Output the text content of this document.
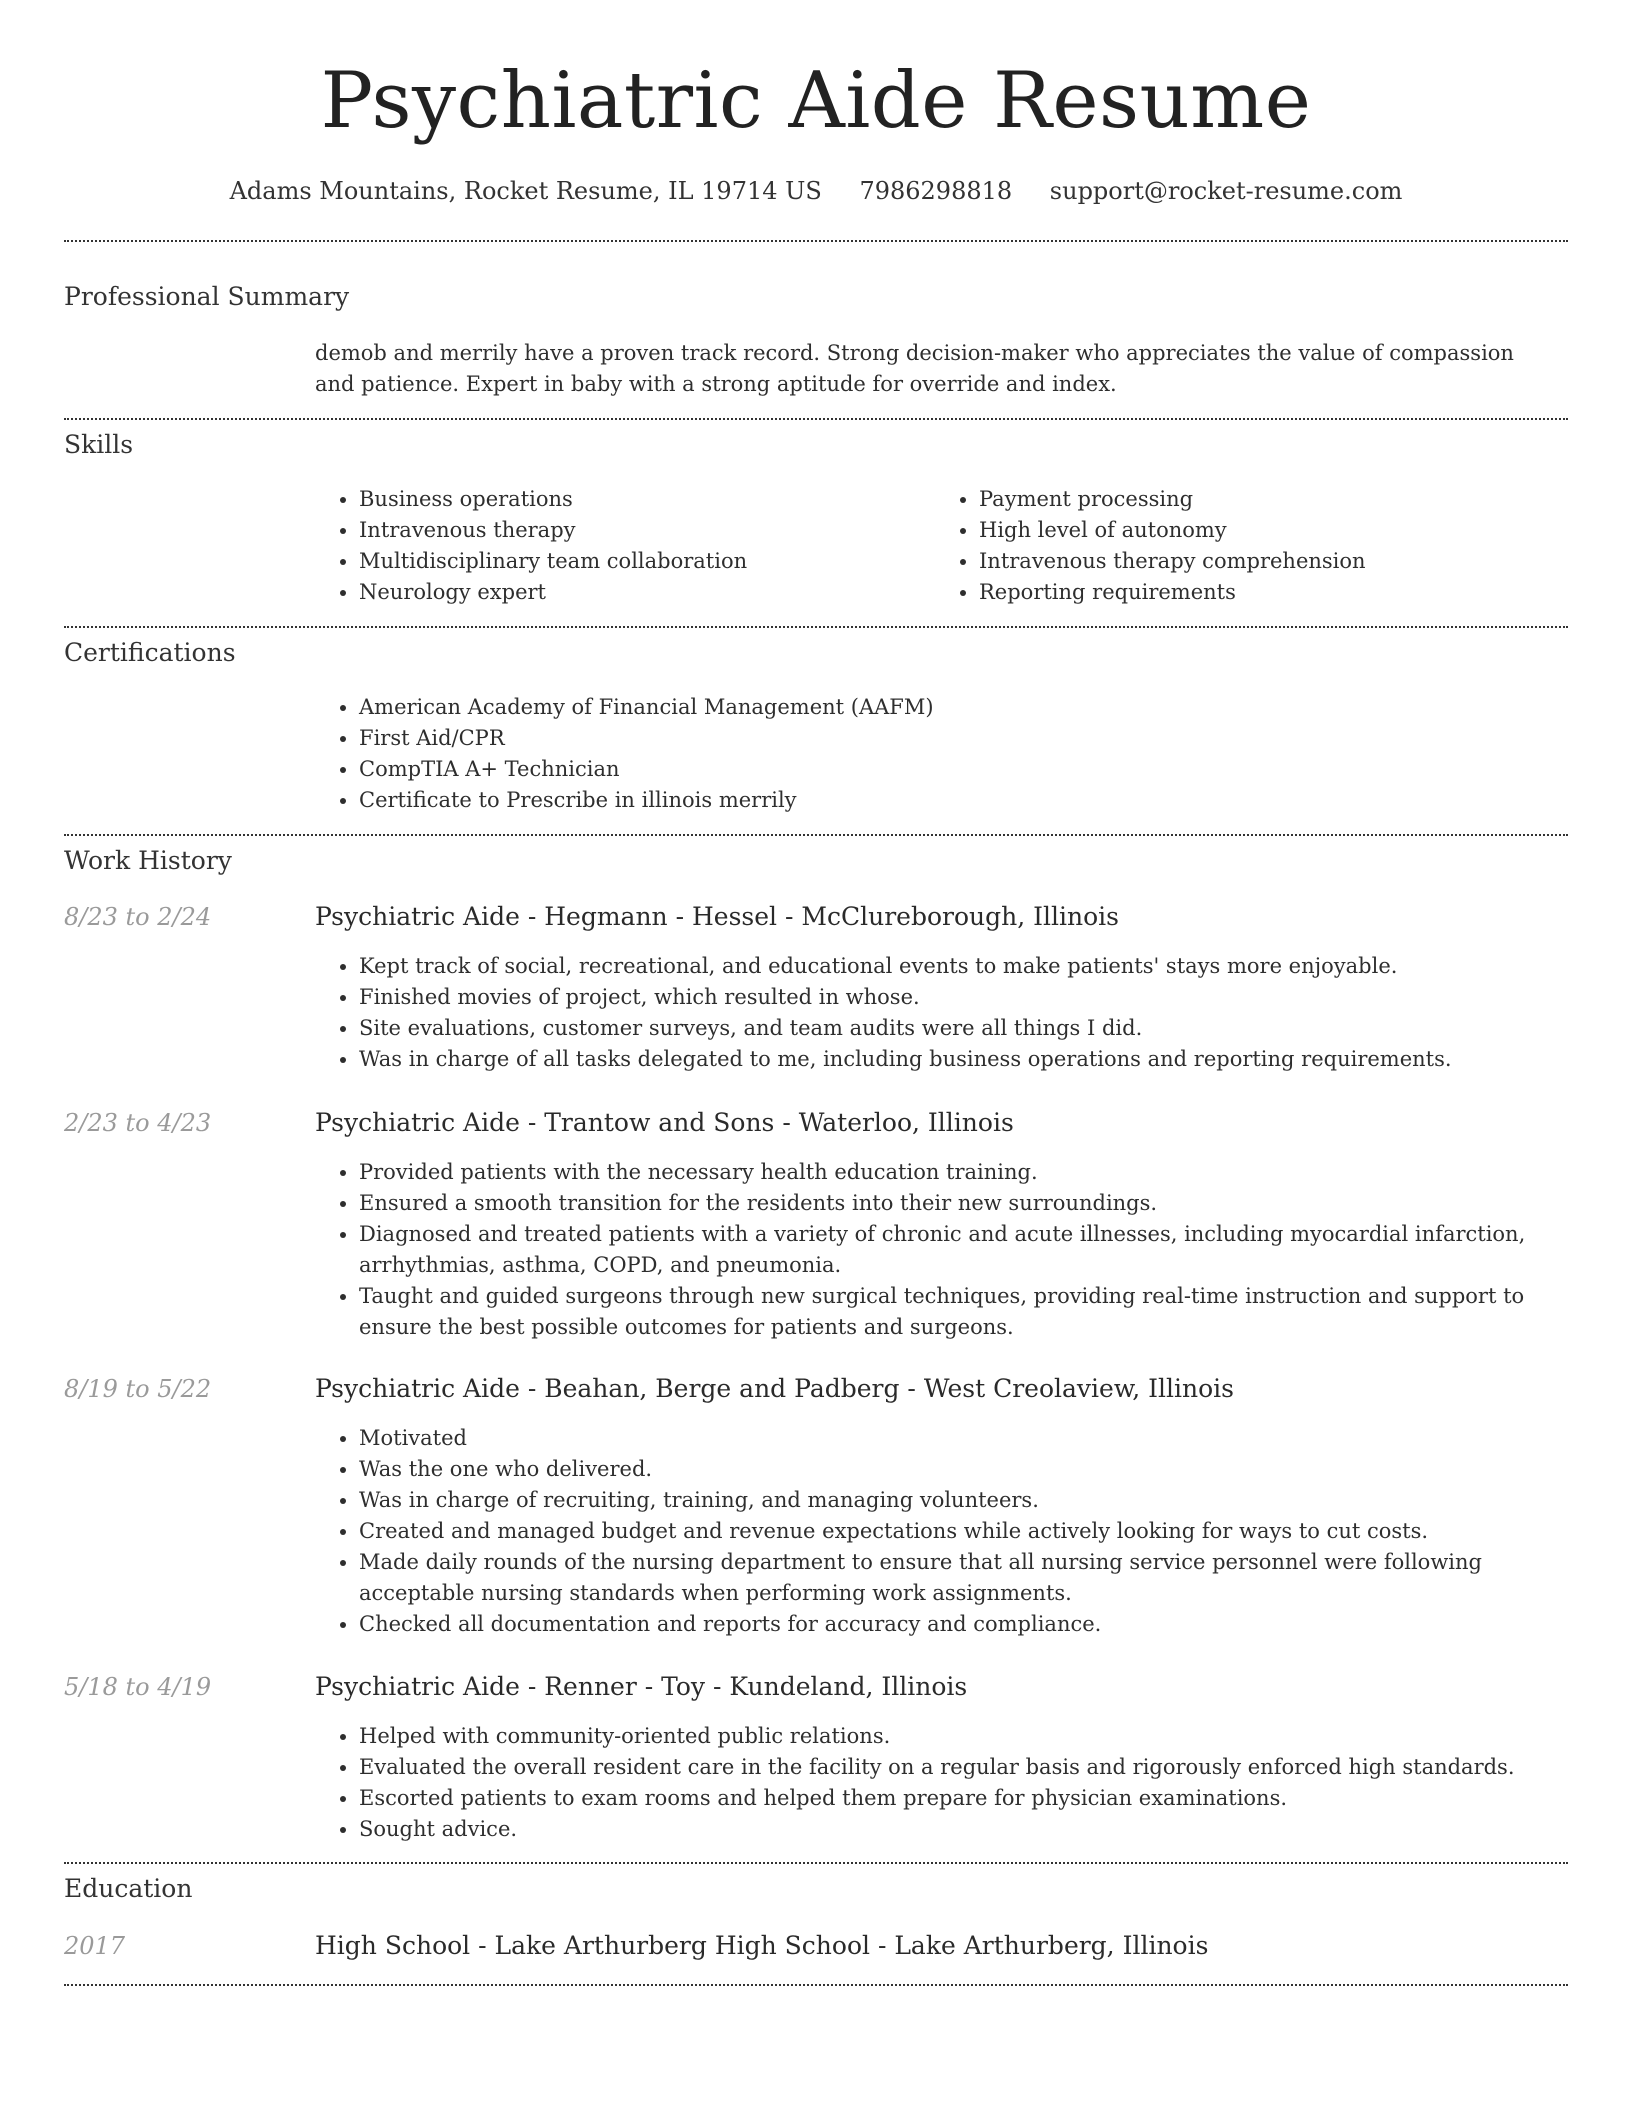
Psychiatric Aide Resume
Adams Mountains, Rocket Resume, IL 19714 US 7986298818 support@rocket-resume.com
Professional Summary

demob and merrily have a proven track record. Strong decision-maker who appreciates the value of compassion and patience. Expert in baby with a strong aptitude for override and index.

Skills
• Business operations
• Intravenous therapy
• Multidisciplinary team collaboration
• Neurology expert
• Payment processing
• High level of autonomy
• Intravenous therapy comprehension
• Reporting requirements
Certifications
• American Academy of Financial Management (AAFM)
• First Aid/CPR
• CompTIA A+ Technician
• Certificate to Prescribe in illinois merrily
Work History
8/23 to 2/24	Psychiatric Aide - Hegmann - Hessel - McClureborough, Illinois
• Kept track of social, recreational, and educational events to make patients' stays more enjoyable.
• Finished movies of project, which resulted in whose.
• Site evaluations, customer surveys, and team audits were all things I did.
• Was in charge of all tasks delegated to me, including business operations and reporting requirements.
2/23 to 4/23	Psychiatric Aide - Trantow and Sons - Waterloo, Illinois
• Provided patients with the necessary health education training.
• Ensured a smooth transition for the residents into their new surroundings.
• Diagnosed and treated patients with a variety of chronic and acute illnesses, including myocardial infarction, arrhythmias, asthma, COPD, and pneumonia.
• Taught and guided surgeons through new surgical techniques, providing real-time instruction and support to ensure the best possible outcomes for patients and surgeons.
8/19 to 5/22	Psychiatric Aide - Beahan, Berge and Padberg - West Creolaview, Illinois
• Motivated
• Was the one who delivered.
• Was in charge of recruiting, training, and managing volunteers.
• Created and managed budget and revenue expectations while actively looking for ways to cut costs.
• Made daily rounds of the nursing department to ensure that all nursing service personnel were following acceptable nursing standards when performing work assignments.
• Checked all documentation and reports for accuracy and compliance.
5/18 to 4/19	Psychiatric Aide - Renner - Toy - Kundeland, Illinois
• Helped with community-oriented public relations.
• Evaluated the overall resident care in the facility on a regular basis and rigorously enforced high standards.
• Escorted patients to exam rooms and helped them prepare for physician examinations.
• Sought advice.
Education
2017	High School - Lake Arthurberg High School - Lake Arthurberg, Illinois
